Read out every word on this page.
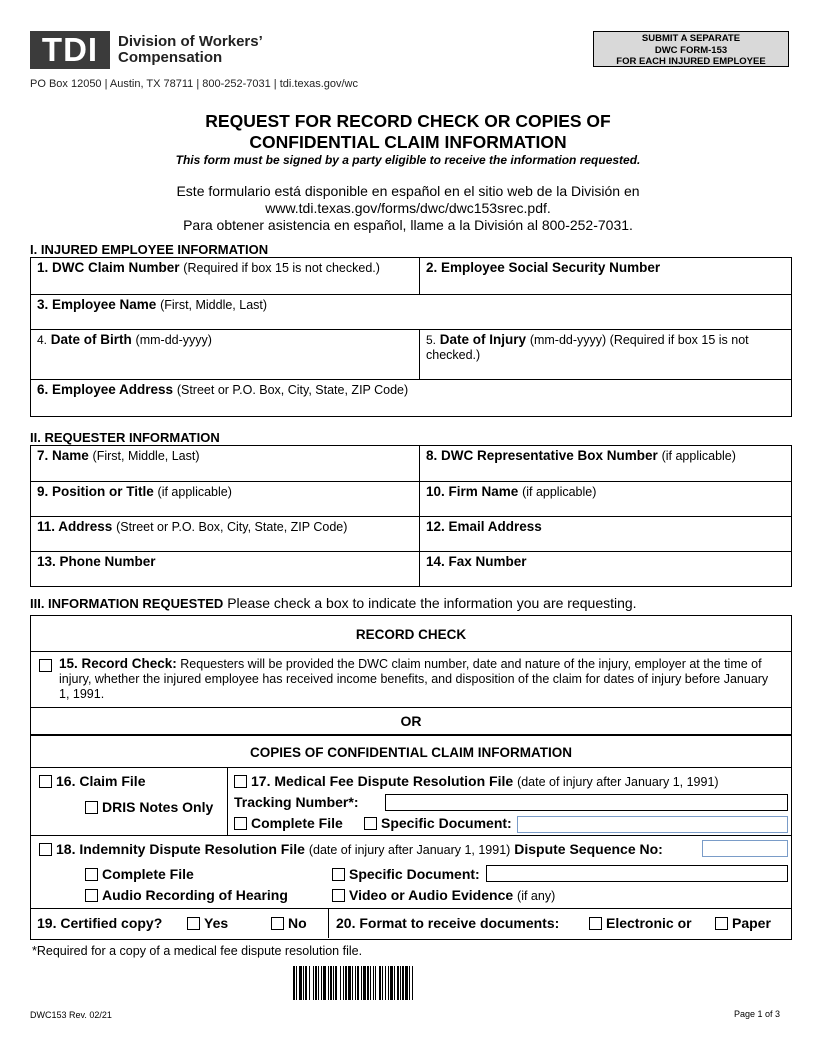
TDI	Division of Workers’
Compensation
PO Box 12050 | Austin, TX 78711 | 800-252-7031 | tdi.texas.gov/wc
SUBMIT A SEPARATE
DWC FORM-153
FOR EACH INJURED EMPLOYEE
REQUEST FOR RECORD CHECK OR COPIES OF
CONFIDENTIAL CLAIM INFORMATION
This form must be signed by a party eligible to receive the information requested.
Este formulario está disponible en español en el sitio web de la División en
www.tdi.texas.gov/forms/dwc/dwc153srec.pdf.
Para obtener asistencia en español, llame a la División al 800-252-7031.
I. INJURED EMPLOYEE INFORMATION
1. DWC Claim Number (Required if box 15 is not checked.)	2. Employee Social Security Number
3. Employee Name (First, Middle, Last)	
4. Date of Birth (mm-dd-yyyy)	5. Date of Injury (mm-dd-yyyy) (Required if box 15 is not checked.)
6. Employee Address (Street or P.O. Box, City, State, ZIP Code)	
II. REQUESTER INFORMATION
7. Name (First, Middle, Last)	8. DWC Representative Box Number (if applicable)
9. Position or Title (if applicable)	10. Firm Name (if applicable)
11. Address (Street or P.O. Box, City, State, ZIP Code)	12. Email Address
13. Phone Number	14. Fax Number
III. INFORMATION REQUESTED Please check a box to indicate the information you are requesting.
RECORD CHECK
15. Record Check: Requesters will be provided the DWC claim number, date and nature of the injury, employer at the time of injury, whether the injured employee has received income benefits, and disposition of the claim for dates of injury before January 1, 1991.
OR
COPIES OF CONFIDENTIAL CLAIM INFORMATION
16. Claim File
DRIS Notes Only
17. Medical Fee Dispute Resolution File (date of injury after January 1, 1991)
Tracking Number*:
Complete File	Specific Document:
18. Indemnity Dispute Resolution File (date of injury after January 1, 1991) Dispute Sequence No:
Complete File	Specific Document:
Audio Recording of Hearing	Video or Audio Evidence (if any)
19. Certified copy?	Yes	No 20. Format to receive documents:	Electronic or	Paper
*Required for a copy of a medical fee dispute resolution file.
DWC153 Rev. 02/21	Page 1 of 3
